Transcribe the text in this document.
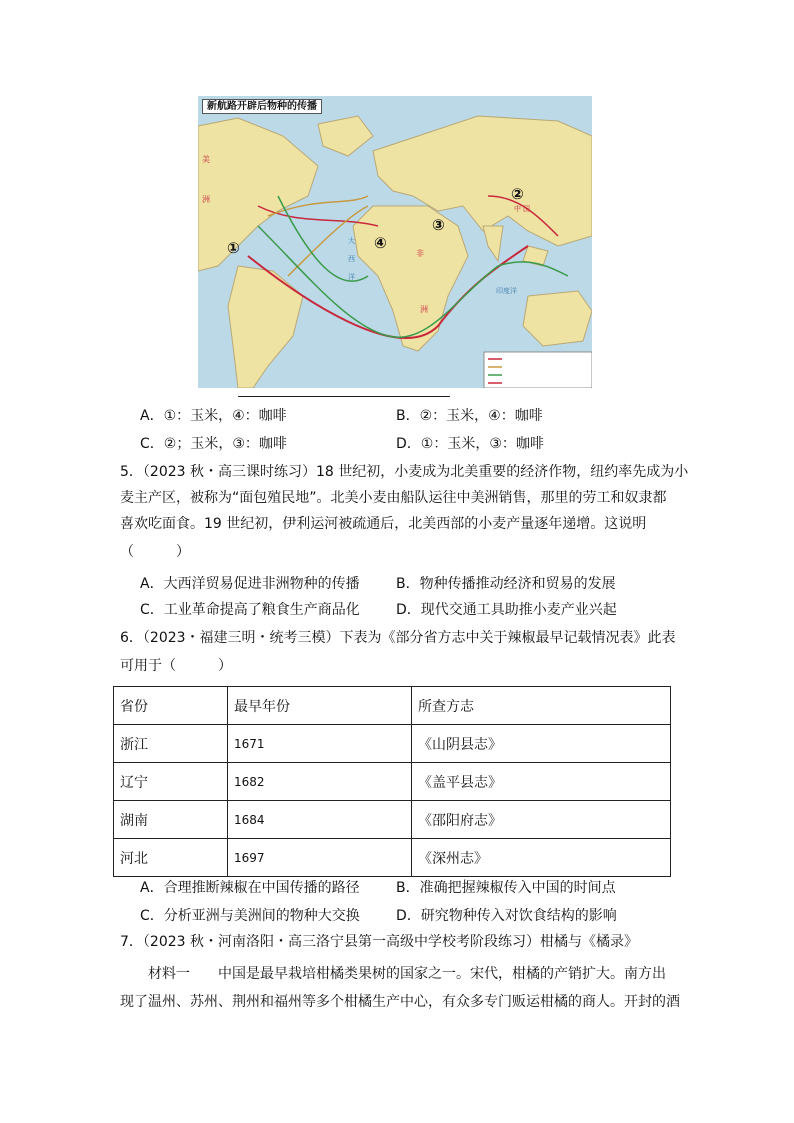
新航路开辟后物种的传播
①
②
③
④
非
洲
中 国
印度洋
大
西
洋
美
洲
A．①：玉米，④：咖啡	B．②：玉米，④：咖啡
C．②；玉米，③：咖啡	D．①：玉米，③：咖啡
5．（2023 秋・高三课时练习）18 世纪初，小麦成为北美重要的经济作物，纽约率先成为小
麦主产区，被称为“面包殖民地”。北美小麦由船队运往中美洲销售，那里的劳工和奴隶都
喜欢吃面食。19 世纪初，伊利运河被疏通后，北美西部的小麦产量逐年递增。这说明
（　　　）
A．大西洋贸易促进非洲物种的传播	B．物种传播推动经济和贸易的发展
C．工业革命提高了粮食生产商品化	D．现代交通工具助推小麦产业兴起
6．（2023・福建三明・统考三模）下表为《部分省方志中关于辣椒最早记载情况表》此表
可用于（　　　）
省份	最早年份	所查方志
浙江	1671	《山阴县志》
辽宁	1682	《盖平县志》
湖南	1684	《邵阳府志》
河北	1697	《深州志》
A．合理推断辣椒在中国传播的路径	B．准确把握辣椒传入中国的时间点
C．分析亚洲与美洲间的物种大交换	D．研究物种传入对饮食结构的影响
7．（2023 秋・河南洛阳・高三洛宁县第一高级中学校考阶段练习）柑橘与《橘录》
材料一　　中国是最早栽培柑橘类果树的国家之一。宋代，柑橘的产销扩大。南方出
现了温州、苏州、荆州和福州等多个柑橘生产中心，有众多专门贩运柑橘的商人。开封的酒
